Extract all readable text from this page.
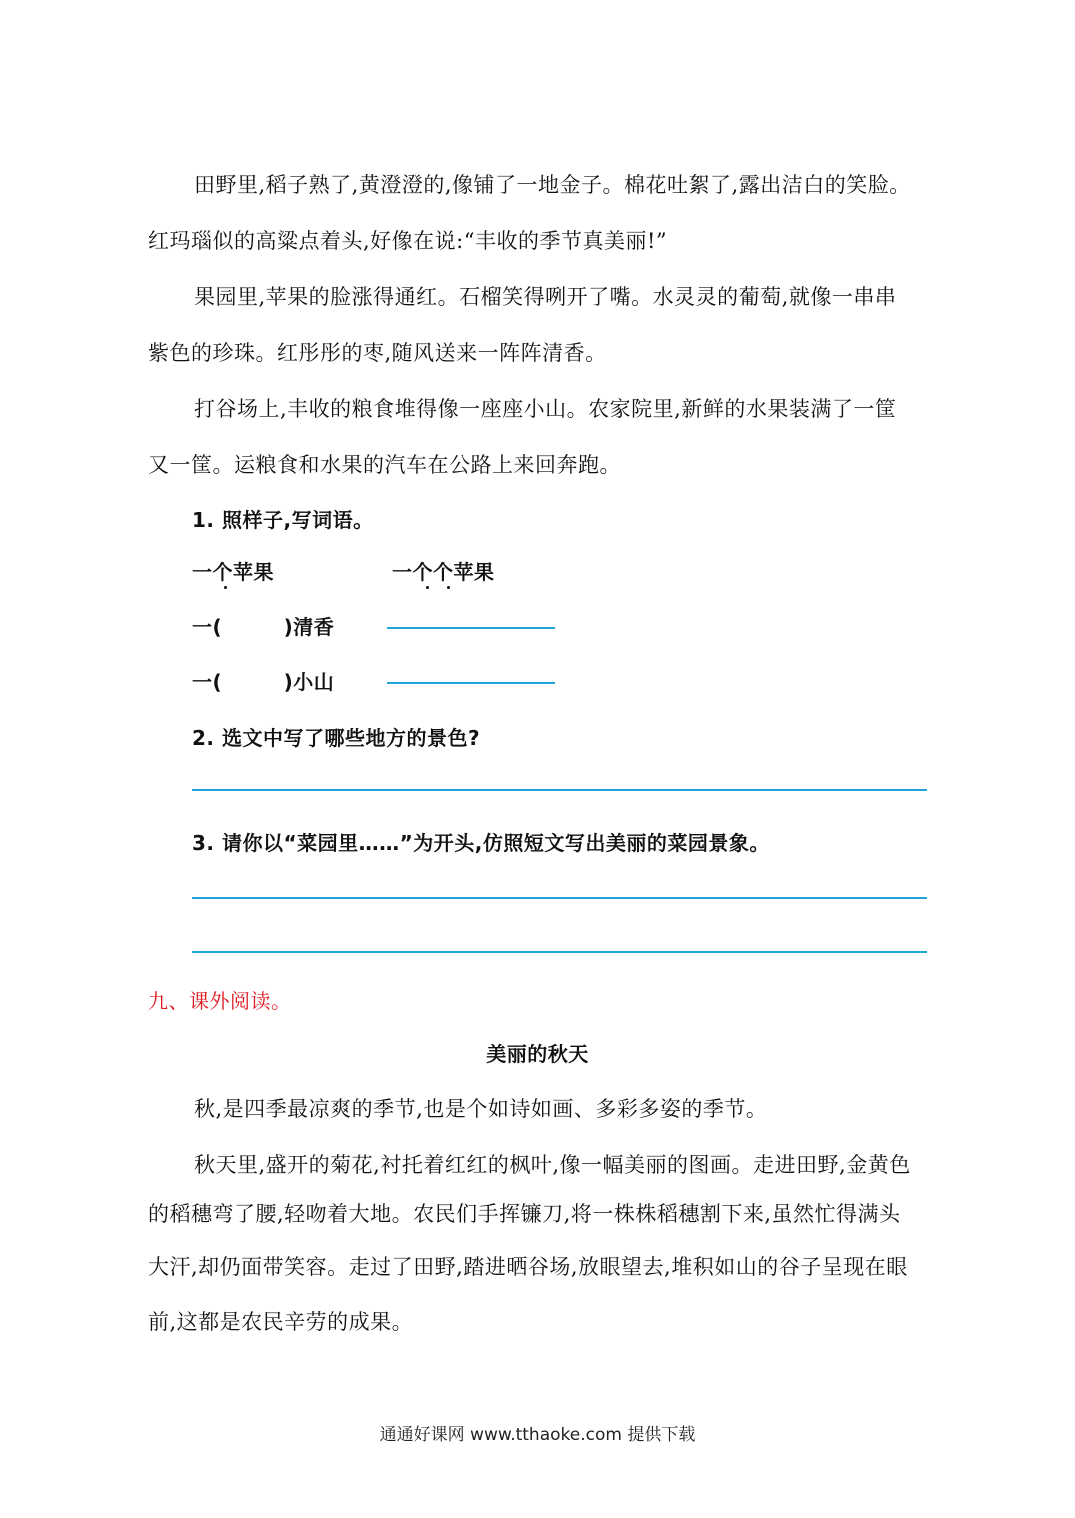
田野里,稻子熟了,黄澄澄的,像铺了一地金子。棉花吐絮了,露出洁白的笑脸。
红玛瑙似的高粱点着头,好像在说:“丰收的季节真美丽!”
果园里,苹果的脸涨得通红。石榴笑得咧开了嘴。水灵灵的葡萄,就像一串串
紫色的珍珠。红彤彤的枣,随风送来一阵阵清香。
打谷场上,丰收的粮食堆得像一座座小山。农家院里,新鲜的水果装满了一筐
又一筐。运粮食和水果的汽车在公路上来回奔跑。
1. 照样子,写词语。
一个苹果	一个个苹果
一(　　　)清香
一(　　　)小山
2. 选文中写了哪些地方的景色?
3. 请你以“菜园里……”为开头,仿照短文写出美丽的菜园景象。
九、课外阅读。
美丽的秋天
秋,是四季最凉爽的季节,也是个如诗如画、多彩多姿的季节。
秋天里,盛开的菊花,衬托着红红的枫叶,像一幅美丽的图画。走进田野,金黄色
的稻穗弯了腰,轻吻着大地。农民们手挥镰刀,将一株株稻穗割下来,虽然忙得满头
大汗,却仍面带笑容。走过了田野,踏进晒谷场,放眼望去,堆积如山的谷子呈现在眼
前,这都是农民辛劳的成果。
通通好课网 www.tthaoke.com 提供下载
